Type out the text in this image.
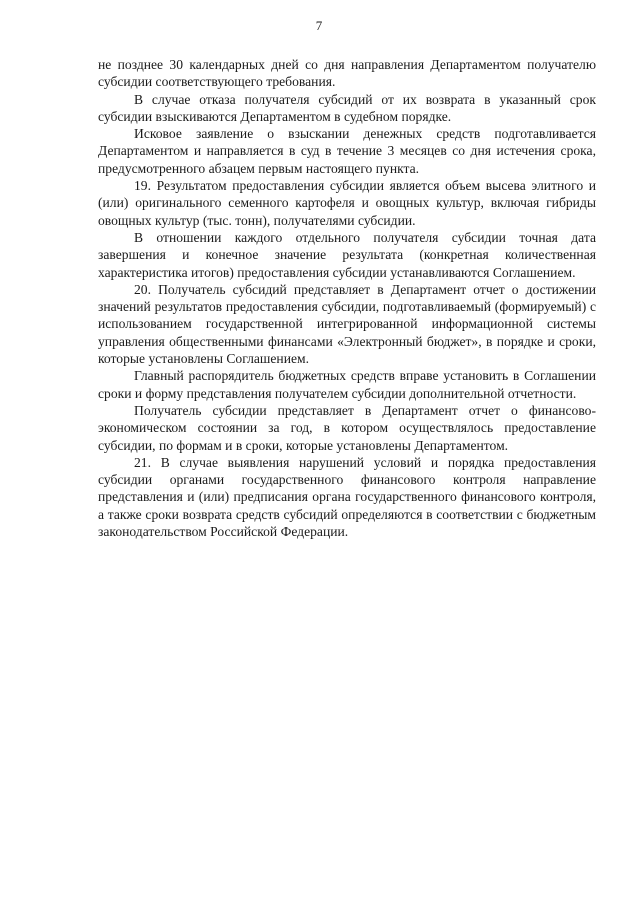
7

не позднее 30 календарных дней со дня направления Департаментом получателю субсидии соответствующего требования.

В случае отказа получателя субсидий от их возврата в указанный срок субсидии взыскиваются Департаментом в судебном порядке.

Исковое заявление о взыскании денежных средств подготавливается Департаментом и направляется в суд в течение 3 месяцев со дня истечения срока, предусмотренного абзацем первым настоящего пункта.

19. Результатом предоставления субсидии является объем высева элитного и (или) оригинального семенного картофеля и овощных культур, включая гибриды овощных культур (тыс. тонн), получателями субсидии.

В отношении каждого отдельного получателя субсидии точная дата завершения и конечное значение результата (конкретная количественная характеристика итогов) предоставления субсидии устанавливаются Соглашением.

20. Получатель субсидий представляет в Департамент отчет о достижении значений результатов предоставления субсидии, подготавливаемый (формируемый) с использованием государственной интегрированной информационной системы управления общественными финансами «Электронный бюджет», в порядке и сроки, которые установлены Соглашением.

Главный распорядитель бюджетных средств вправе установить в Соглашении сроки и форму представления получателем субсидии дополнительной отчетности.

Получатель субсидии представляет в Департамент отчет о финансово-экономическом состоянии за год, в котором осуществлялось предоставление субсидии, по формам и в сроки, которые установлены Департаментом.

21. В случае выявления нарушений условий и порядка предоставления субсидии органами государственного финансового контроля направление представления и (или) предписания органа государственного финансового контроля, а также сроки возврата средств субсидий определяются в соответствии с бюджетным законодательством Российской Федерации.
